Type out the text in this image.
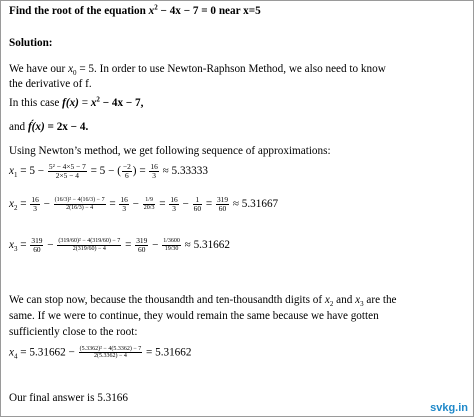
Find the root of the equation $x^2 - 4x - 7 = 0$ near x=5
Solution:
We have our $x_0 = 5$. In order to use Newton-Raphson Method, we also need to know
the derivative of f.
In this case $f(x) = x^2 - 4x - 7$,
and f́(x) = 2x − 4.
Using Newton’s method, we get following sequence of approximations:
$x_1 = 5 - \frac{\text{5² − 4×5 − 7}}{2\times 5 - 4} = 5$ − ( $\frac{-2}{6}$ ) = $\frac{16}{3} \approx 5.33333$
$x_2 = \frac{16}{3} - \frac{\text{(16/3)² − 4(16/3) − 7}}{2(16/3) - 4} = \frac{16}{3} - \frac{1/9}{20/3} = \frac{16}{3} - \frac{1}{60} = \frac{319}{60} \approx 5.31667$
$x_3 = \frac{319}{60} - \frac{\text{(319/60)² − 4(319/60) − 7}}{2(319/60) - 4} = \frac{319}{60} - \frac{1/3600}{19/30} \approx 5.31662$
We can stop now, because the thousandth and ten-thousandth digits of $x_2$ and $x_3$ are the
same. If we were to continue, they would remain the same because we have gotten
sufficiently close to the root:
$x_4 = 5.31662 - \frac{\text{(5.3362)² − 4(5.3362) − 7}}{2(5.3362) - 4} = 5.31662$
Our final answer is 5.3166
svkg.in
